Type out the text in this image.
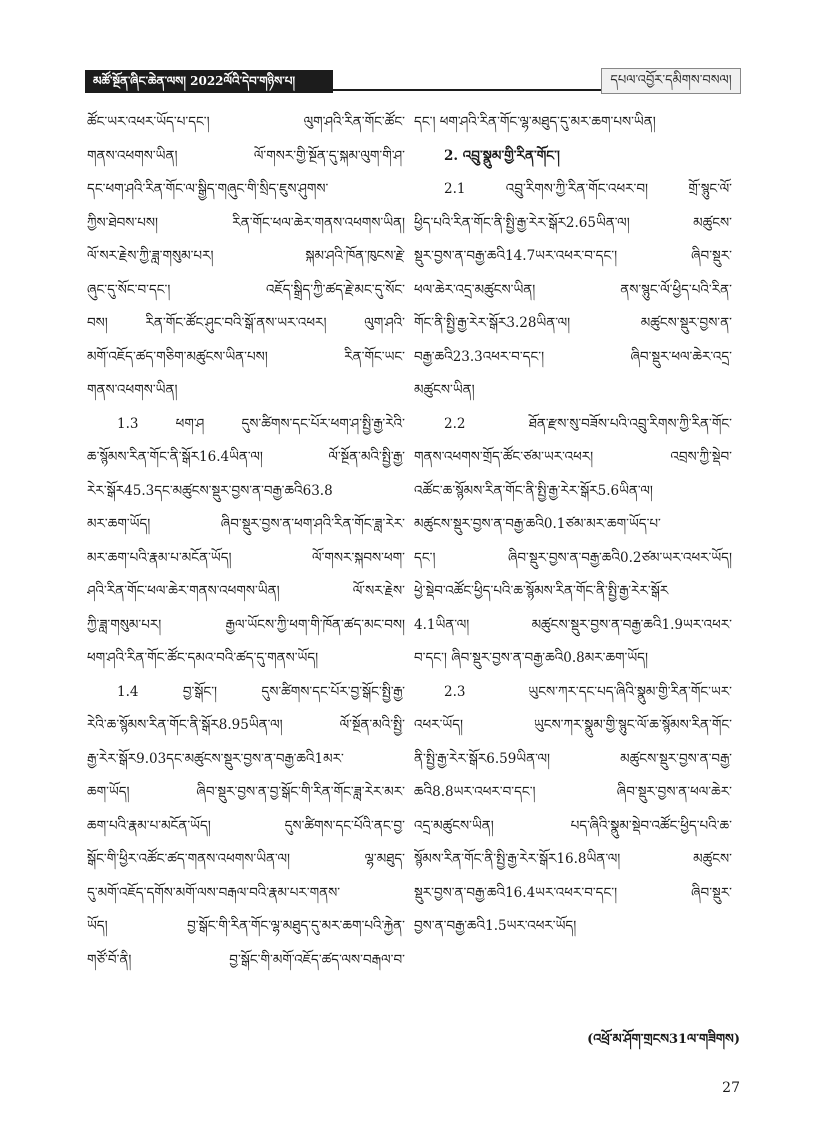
མཚོ་སྔོན་ཞིང་ཆེན་ལས། 2022ལོའི་དེབ་གཉིས་པ།	དཔལ་འབྱོར་དམིགས་བསལ།
ཚོང་ཡར་འཕར་ཡོད་པ་དང་། ལུག་ཤའི་རིན་གོང་ཚོང་
གནས་འཕགས་ཡིན། ལོ་གསར་གྱི་སྔོན་དུ་སྐམ་ལུག་གི་ཤ་
དང་ཕག་ཤའི་རིན་གོང་ལ་སྒྱིད་གཞུང་གི་སྲིད་ཇུས་ཤུགས་
ཀྱིས་ཐེབས་པས། རིན་གོང་ཕལ་ཆེར་གནས་འཕགས་ཡིན།
ལོ་སར་རྗེས་ཀྱི་ཟླ་གསུམ་པར། སྐམ་ཤའི་ཁོན་ཁུངས་རྗེ་
ཞུང་དུ་སོང་བ་དང་། འཇོད་སྒྲིད་ཀྱི་ཚད་རྗེ་མང་དུ་སོང་
བས། རིན་གོང་ཚོང་ཤུང་བའི་སྒོ་ནས་ཡར་འཕར། ལུག་ཤའི་
མགོ་འཇོད་ཚད་གཅིག་མཚུངས་ཡིན་པས། རིན་གོང་ཡང་
གནས་འཕགས་ཡིན།
1.3 ཕག་ཤ དུས་ཚིགས་དང་པོར་ཕག་ཤ་སྤྱི་རྒྱ་རེའི་
ཆ་སྙོམས་རིན་གོང་ནི་སྒོར16.4ཡིན་ལ། ལོ་སྔོན་མའི་སྤྱི་རྒྱ་
རེར་སྒོར45.3དང་མཚུངས་སྡུར་བྱས་ན་བརྒྱ་ཆའི63.8
མར་ཆག་ཡོད། ཞིབ་སྡུར་བྱས་ན་ཕག་ཤའི་རིན་གོང་ཟླ་རེར་
མར་ཆག་པའི་རྣམ་པ་མངོན་ཡོད། ལོ་གསར་སྐབས་ཕག་
ཤའི་རིན་གོང་ཕལ་ཆེར་གནས་འཕགས་ཡིན། ལོ་སར་རྗེས་
ཀྱི་ཟླ་གསུམ་པར། རྒྱལ་ཡོངས་ཀྱི་ཕག་གི་ཁོན་ཚད་མང་བས།
ཕག་ཤའི་རིན་གོང་ཚོང་དམའ་བའི་ཚད་དུ་གནས་ཡོད།
1.4 བྱ་སྒོང་། དུས་ཚིགས་དང་པོར་བྱ་སྒོང་སྤྱི་རྒྱ་
རེའི་ཆ་སྙོམས་རིན་གོང་ནི་སྒོར8.95ཡིན་ལ། ལོ་སྔོན་མའི་སྤྱི་
རྒྱ་རེར་སྒོར9.03དང་མཚུངས་སྡུར་བྱས་ན་བརྒྱ་ཆའི1མར་
ཆག་ཡོད། ཞིབ་སྡུར་བྱས་ན་བྱ་སྒོང་གི་རིན་གོང་ཟླ་རེར་མར་
ཆག་པའི་རྣམ་པ་མངོན་ཡོད། དུས་ཚིགས་དང་པོའི་ནང་བྱ་
སྒོང་གི་ཕྱིར་འཚོང་ཚད་གནས་འཕགས་ཡིན་ལ། ལྷ་མཐུད་
དུ་མགོ་འཇོད་དགོས་མགོ་ལས་བརྒལ་བའི་རྣམ་པར་གནས་
ཡོད། བྱ་སྒོང་གི་རིན་གོང་ལྷ་མཐུད་དུ་མར་ཆག་པའི་རྐྱེན་
གཙོ་བོ་ནི། བྱ་སྒོང་གི་མགོ་འཇོད་ཚད་ལས་བརྒལ་བ་
དང་། ཕག་ཤའི་རིན་གོང་ལྷ་མཐུད་དུ་མར་ཆག་པས་ཡིན།
2. འབྲུ་སྣུམ་གྱི་རིན་གོང་།
2.1 འབྲུ་རིགས་ཀྱི་རིན་གོང་འཕར་བ། གྲོ་སྙུང་ལོ་
ཕྱིད་པའི་རིན་གོང་ནི་སྤྱི་རྒྱ་རེར་སྒོར2.65ཡིན་ལ། མཚུངས་
སྡུར་བྱས་ན་བརྒྱ་ཆའི14.7ཡར་འཕར་བ་དང་། ཞིབ་སྡུར་
ཕལ་ཆེར་འདྲ་མཚུངས་ཡིན། ནས་སྙུང་ལོ་ཕྱིད་པའི་རིན་
གོང་ནི་སྤྱི་རྒྱ་རེར་སྒོར3.28ཡིན་ལ། མཚུངས་སྡུར་བྱས་ན་
བརྒྱ་ཆའི23.3འཕར་བ་དང་། ཞིབ་སྡུར་ཕལ་ཆེར་འདྲ་
མཚུངས་ཡིན།
2.2 ཐོན་རྫས་སུ་བཟོས་པའི་འབྲུ་རིགས་ཀྱི་རིན་གོང་
གནས་འཕགས་གྲོད་ཚོང་ཙམ་ཡར་འཕར། འབྲས་ཀྱི་སྡེབ་
འཚོང་ཆ་སྙོམས་རིན་གོང་ནི་སྤྱི་རྒྱ་རེར་སྒོར5.6ཡིན་ལ།
མཚུངས་སྡུར་བྱས་ན་བརྒྱ་ཆའི0.1ཙམ་མར་ཆག་ཡོད་པ་
དང་། ཞིབ་སྡུར་བྱས་ན་བརྒྱ་ཆའི0.2ཙམ་ཡར་འཕར་ཡོད།
ཕྱེ་སྡེབ་འཚོང་ཕྱིད་པའི་ཆ་སྙོམས་རིན་གོང་ནི་སྤྱི་རྒྱ་རེར་སྒོར
4.1ཡིན་ལ། མཚུངས་སྡུར་བྱས་ན་བརྒྱ་ཆའི1.9ཡར་འཕར་
བ་དང་། ཞིབ་སྡུར་བྱས་ན་བརྒྱ་ཆའི0.8མར་ཆག་ཡོད།
2.3 ཡུངས་ཀར་དང་པད་ཞིའི་སྣུམ་གྱི་རིན་གོང་ཡར་
འཕར་ཡོད། ཡུངས་ཀར་སྣུམ་གྱི་སྙུང་ལོ་ཆ་སྙོམས་རིན་གོང་
ནི་སྤྱི་རྒྱ་རེར་སྒོར6.59ཡིན་ལ། མཚུངས་སྡུར་བྱས་ན་བརྒྱ་
ཆའི8.8ཡར་འཕར་བ་དང་། ཞིབ་སྡུར་བྱས་ན་ཕལ་ཆེར་
འདྲ་མཚུངས་ཡིན། པད་ཞིའི་སྣུམ་སྡེབ་འཚོང་ཕྱིད་པའི་ཆ་
སྙོམས་རིན་གོང་ནི་སྤྱི་རྒྱ་རེར་སྒོར16.8ཡིན་ལ། མཚུངས་
སྡུར་བྱས་ན་བརྒྱ་ཆའི16.4ཡར་འཕར་བ་དང་། ཞིབ་སྡུར་
བྱས་ན་བརྒྱ་ཆའི1.5ཡར་འཕར་ཡོད།
(འཕྲོ་མ་ཤོག་གྲངས31ལ་གཟིགས)
27
